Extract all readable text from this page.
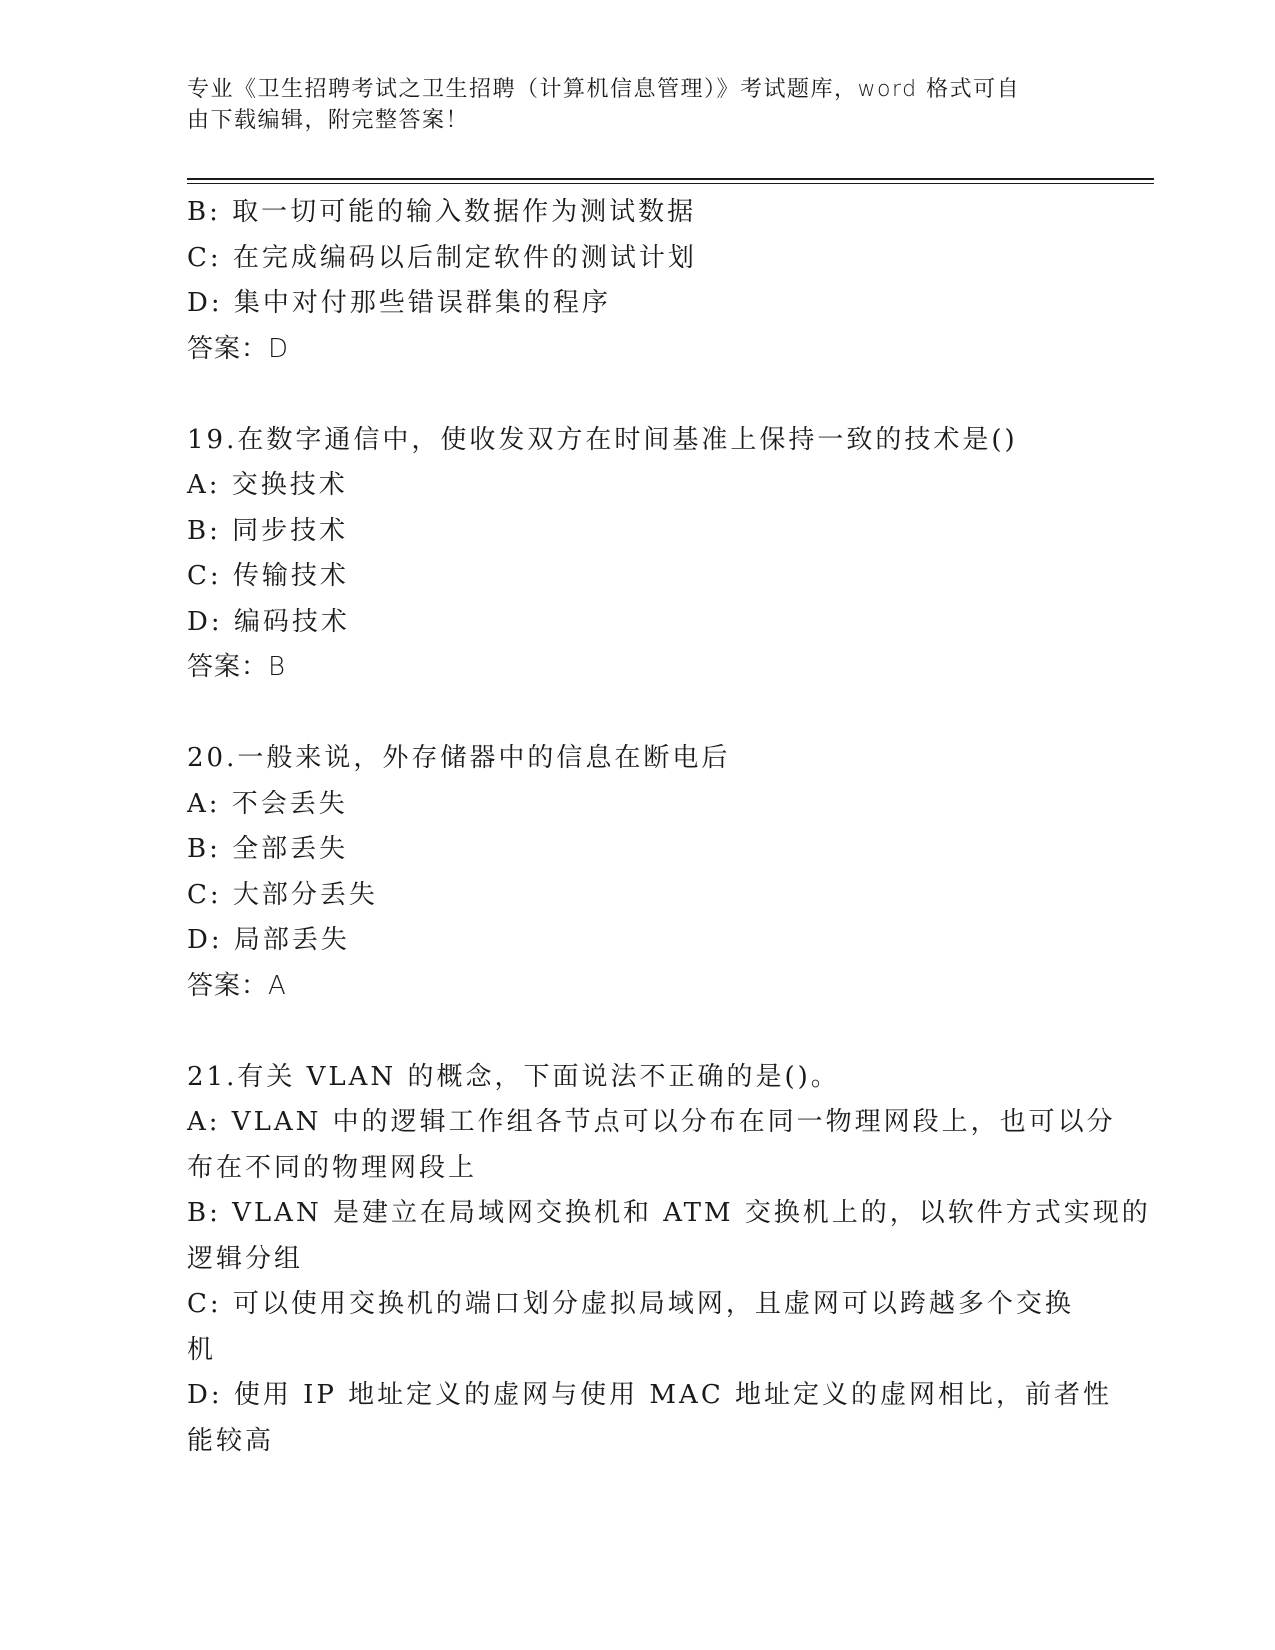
专业《卫生招聘考试之卫生招聘（计算机信息管理）》考试题库，word 格式可自
由下载编辑，附完整答案！
B: 取一切可能的输入数据作为测试数据
C: 在完成编码以后制定软件的测试计划
D: 集中对付那些错误群集的程序
答案：D
19.在数字通信中，使收发双方在时间基准上保持一致的技术是()
A: 交换技术
B: 同步技术
C: 传输技术
D: 编码技术
答案：B
20.一般来说，外存储器中的信息在断电后
A: 不会丢失
B: 全部丢失
C: 大部分丢失
D: 局部丢失
答案：A
21.有关 VLAN 的概念，下面说法不正确的是()。
A: VLAN 中的逻辑工作组各节点可以分布在同一物理网段上，也可以分
布在不同的物理网段上
B: VLAN 是建立在局域网交换机和 ATM 交换机上的，以软件方式实现的
逻辑分组
C: 可以使用交换机的端口划分虚拟局域网，且虚网可以跨越多个交换
机
D: 使用 IP 地址定义的虚网与使用 MAC 地址定义的虚网相比，前者性
能较高
